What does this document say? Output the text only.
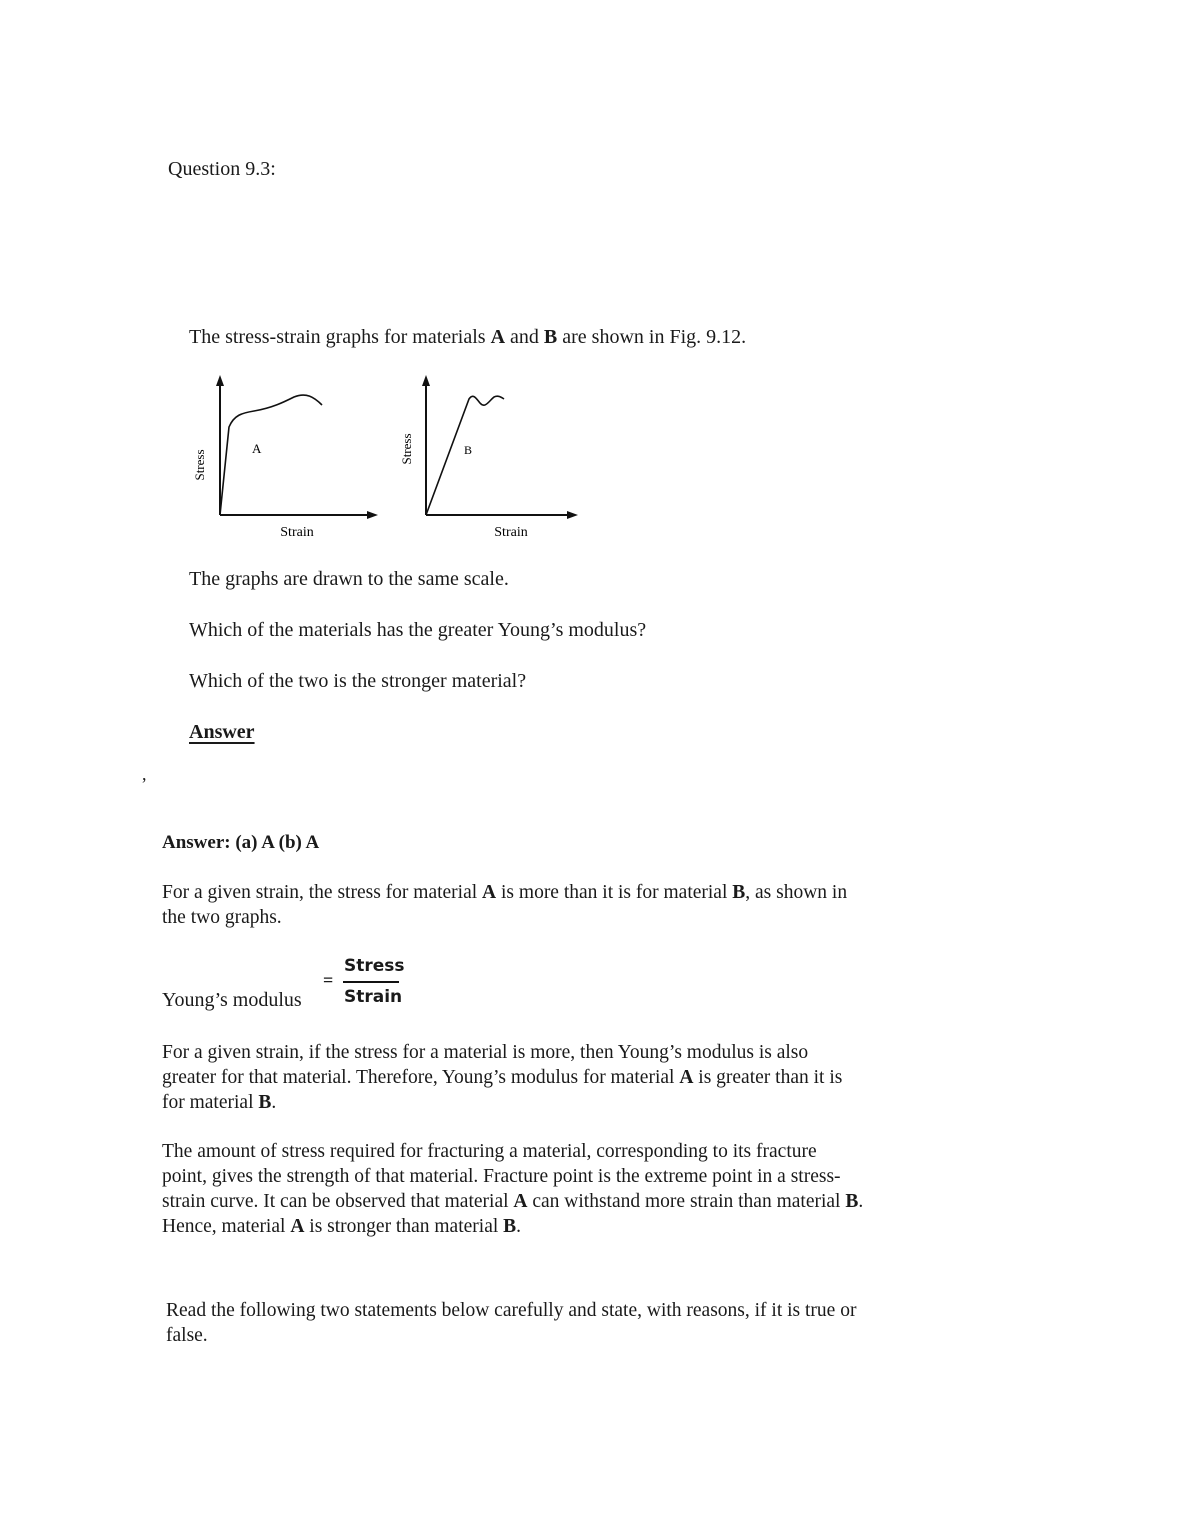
Question 9.3:
The stress-strain graphs for materials A and B are shown in Fig. 9.12.
Stress
A
Strain
Stress	B
Strain
The graphs are drawn to the same scale.
Which of the materials has the greater Young’s modulus?
Which of the two is the stronger material?
Answer
,
Answer: (a) A (b) A
For a given strain, the stress for material A is more than it is for material B, as shown in
the two graphs.
Young’s modulus
=
Stress
Strain
For a given strain, if the stress for a material is more, then Young’s modulus is also
greater for that material. Therefore, Young’s modulus for material A is greater than it is
for material B.
The amount of stress required for fracturing a material, corresponding to its fracture
point, gives the strength of that material. Fracture point is the extreme point in a stress-
strain curve. It can be observed that material A can withstand more strain than material B.
Hence, material A is stronger than material B.
Read the following two statements below carefully and state, with reasons, if it is true or
false.
